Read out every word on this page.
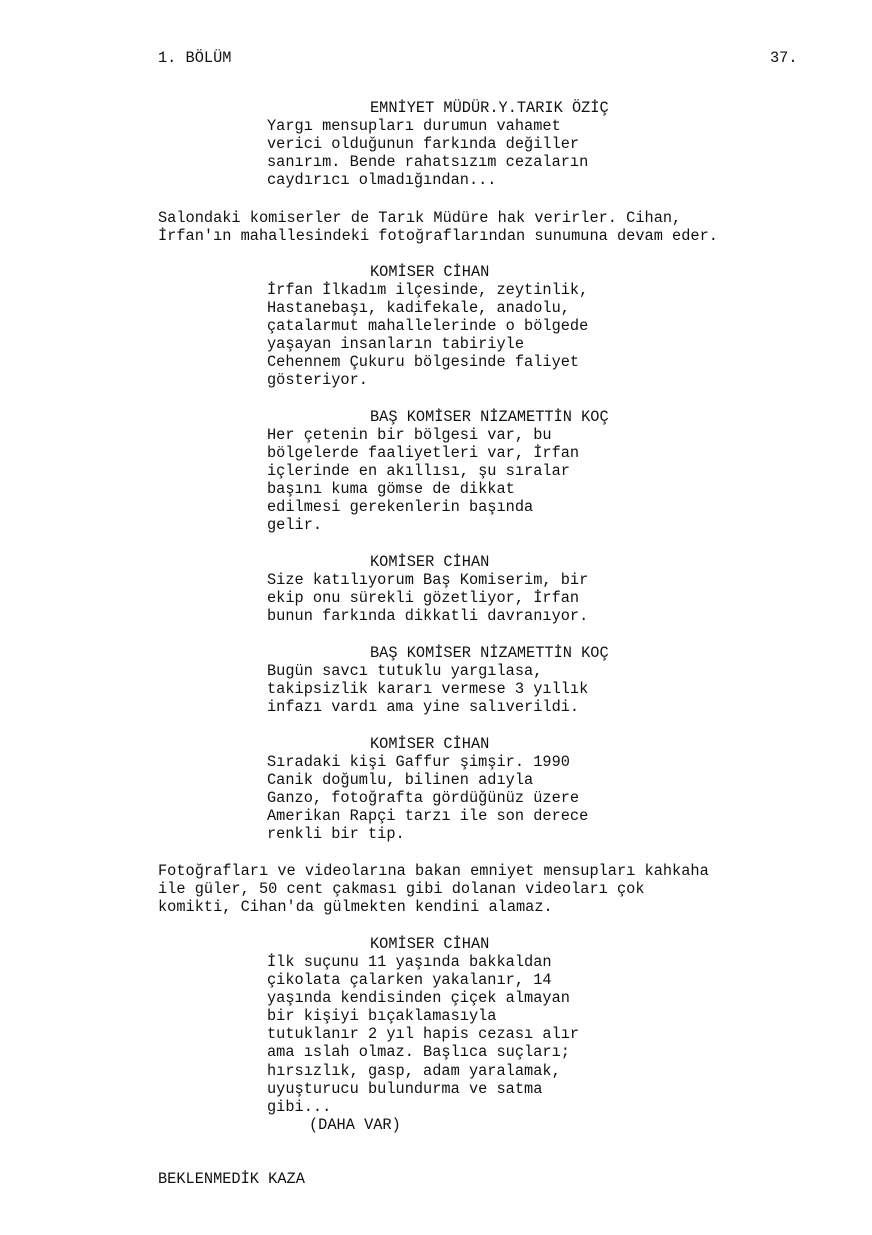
1. BÖLÜM	37.
EMNİYET MÜDÜR.Y.TARIK ÖZİÇ
Yargı mensupları durumun vahamet
verici olduğunun farkında değiller
sanırım. Bende rahatsızım cezaların
caydırıcı olmadığından...
Salondaki komiserler de Tarık Müdüre hak verirler. Cihan,
İrfan'ın mahallesindeki fotoğraflarından sunumuna devam eder.
KOMİSER CİHAN
İrfan İlkadım ilçesinde, zeytinlik,
Hastanebaşı, kadifekale, anadolu,
çatalarmut mahallelerinde o bölgede
yaşayan insanların tabiriyle
Cehennem Çukuru bölgesinde faliyet
gösteriyor.
BAŞ KOMİSER NİZAMETTİN KOÇ
Her çetenin bir bölgesi var, bu
bölgelerde faaliyetleri var, İrfan
içlerinde en akıllısı, şu sıralar
başını kuma gömse de dikkat
edilmesi gerekenlerin başında
gelir.
KOMİSER CİHAN
Size katılıyorum Baş Komiserim, bir
ekip onu sürekli gözetliyor, İrfan
bunun farkında dikkatli davranıyor.
BAŞ KOMİSER NİZAMETTİN KOÇ
Bugün savcı tutuklu yargılasa,
takipsizlik kararı vermese 3 yıllık
infazı vardı ama yine salıverildi.
KOMİSER CİHAN
Sıradaki kişi Gaffur şimşir. 1990
Canik doğumlu, bilinen adıyla
Ganzo, fotoğrafta gördüğünüz üzere
Amerikan Rapçi tarzı ile son derece
renkli bir tip.
Fotoğrafları ve videolarına bakan emniyet mensupları kahkaha
ile güler, 50 cent çakması gibi dolanan videoları çok
komikti, Cihan'da gülmekten kendini alamaz.
KOMİSER CİHAN
İlk suçunu 11 yaşında bakkaldan
çikolata çalarken yakalanır, 14
yaşında kendisinden çiçek almayan
bir kişiyi bıçaklamasıyla
tutuklanır 2 yıl hapis cezası alır
ama ıslah olmaz. Başlıca suçları;
hırsızlık, gasp, adam yaralamak,
uyuşturucu bulundurma ve satma
gibi...
(DAHA VAR)
BEKLENMEDİK KAZA
